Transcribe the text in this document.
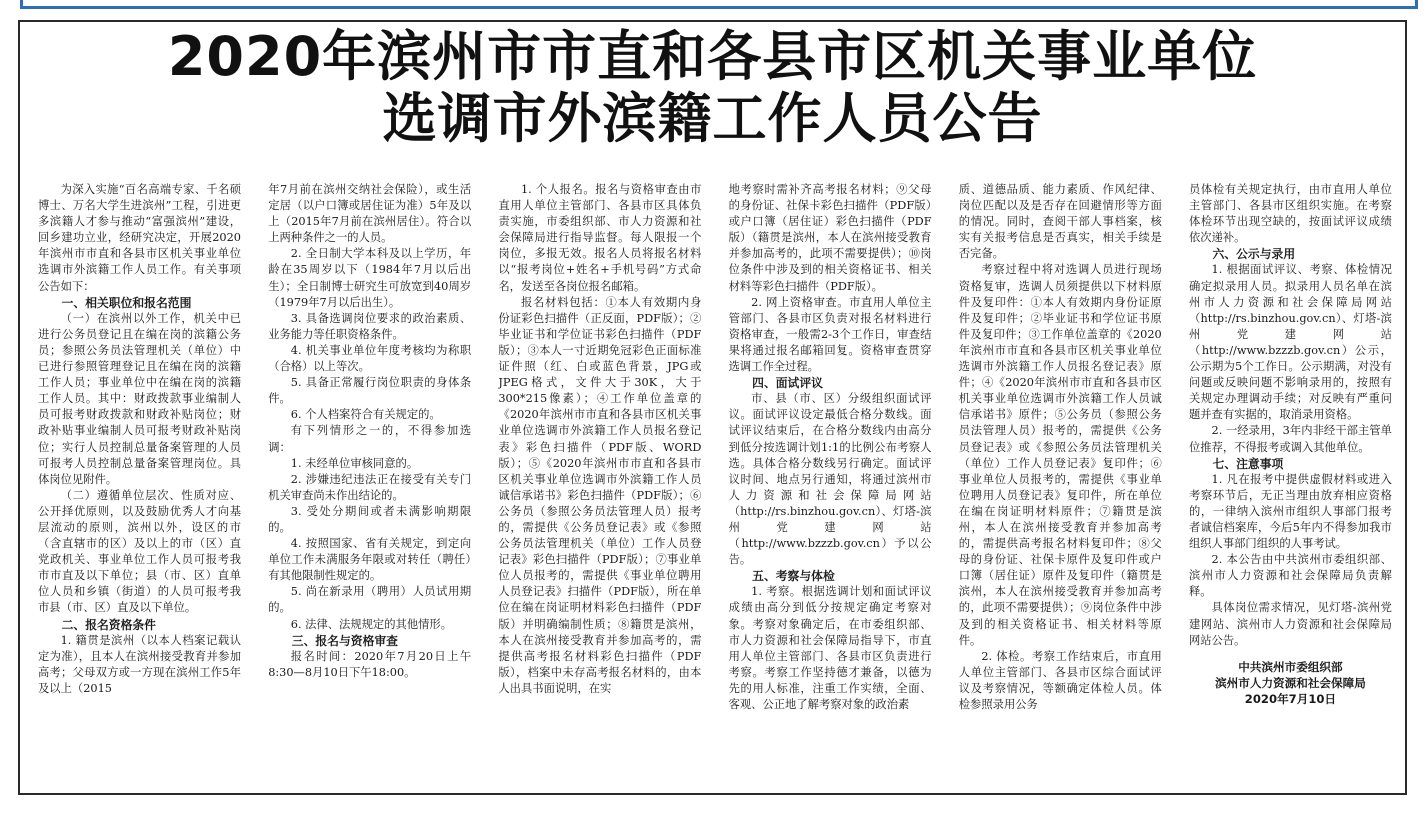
2020年滨州市市直和各县市区机关事业单位
选调市外滨籍工作人员公告

为深入实施“百名高端专家、千名硕博士、万名大学生进滨州”工程，引进更多滨籍人才参与推动“富强滨州”建设，回乡建功立业，经研究决定，开展2020年滨州市市直和各县市区机关事业单位选调市外滨籍工作人员工作。有关事项公告如下：

一、相关职位和报名范围

（一）在滨州以外工作，机关中已进行公务员登记且在编在岗的滨籍公务员；参照公务员法管理机关（单位）中已进行参照管理登记且在编在岗的滨籍工作人员；事业单位中在编在岗的滨籍工作人员。其中：财政拨款事业编制人员可报考财政拨款和财政补贴岗位；财政补贴事业编制人员可报考财政补贴岗位；实行人员控制总量备案管理的人员可报考人员控制总量备案管理岗位。具体岗位见附件。

（二）遵循单位层次、性质对应、公开择优原则，以及鼓励优秀人才向基层流动的原则，滨州以外，设区的市（含直辖市的区）及以上的市（区）直党政机关、事业单位工作人员可报考我市市直及以下单位；县（市、区）直单位人员和乡镇（街道）的人员可报考我市县（市、区）直及以下单位。

二、报名资格条件

1. 籍贯是滨州（以本人档案记载认定为准），且本人在滨州接受教育并参加高考；父母双方或一方现在滨州工作5年及以上（2015

年7月前在滨州交纳社会保险），或生活定居（以户口簿或居住证为准）5年及以上（2015年7月前在滨州居住）。符合以上两种条件之一的人员。

2. 全日制大学本科及以上学历，年龄在35周岁以下（1984年7月以后出生）；全日制博士研究生可放宽到40周岁（1979年7月以后出生）。

3. 具备选调岗位要求的政治素质、业务能力等任职资格条件。

4. 机关事业单位年度考核均为称职（合格）以上等次。

5. 具备正常履行岗位职责的身体条件。

6. 个人档案符合有关规定的。

有下列情形之一的，不得参加选调：

1. 未经单位审核同意的。

2. 涉嫌违纪违法正在接受有关专门机关审查尚未作出结论的。

3. 受处分期间或者未满影响期限的。

4. 按照国家、省有关规定，到定向单位工作未满服务年限或对转任（聘任）有其他限制性规定的。

5. 尚在新录用（聘用）人员试用期的。

6. 法律、法规规定的其他情形。

三、报名与资格审查

报名时间：2020年7月20日上午8:30—8月10日下午18:00。

1. 个人报名。报名与资格审查由市直用人单位主管部门、各县市区具体负责实施，市委组织部、市人力资源和社会保障局进行指导监督。每人限报一个岗位，多报无效。报名人员将报名材料以“报考岗位+姓名+手机号码”方式命名，发送至各岗位报名邮箱。

报名材料包括：①本人有效期内身份证彩色扫描件（正反面，PDF版）；②毕业证书和学位证书彩色扫描件（PDF版）；③本人一寸近期免冠彩色正面标准证件照（红、白或蓝色背景，JPG或JPEG格式，文件大于30K，大于300*215像素）；④工作单位盖章的《2020年滨州市市直和各县市区机关事业单位选调市外滨籍工作人员报名登记表》彩色扫描件（PDF版、WORD版）；⑤《2020年滨州市市直和各县市区机关事业单位选调市外滨籍工作人员诚信承诺书》彩色扫描件（PDF版）；⑥公务员（参照公务员法管理人员）报考的，需提供《公务员登记表》或《参照公务员法管理机关（单位）工作人员登记表》彩色扫描件（PDF版）；⑦事业单位人员报考的，需提供《事业单位聘用人员登记表》扫描件（PDF版），所在单位在编在岗证明材料彩色扫描件（PDF版）并明确编制性质；⑧籍贯是滨州，本人在滨州接受教育并参加高考的，需提供高考报名材料彩色扫描件（PDF版），档案中未存高考报名材料的，由本人出具书面说明，在实

地考察时需补齐高考报名材料；⑨父母的身份证、社保卡彩色扫描件（PDF版）或户口簿（居住证）彩色扫描件（PDF版）（籍贯是滨州，本人在滨州接受教育并参加高考的，此项不需要提供）；⑩岗位条件中涉及到的相关资格证书、相关材料等彩色扫描件（PDF版）。

2. 网上资格审查。市直用人单位主管部门、各县市区负责对报名材料进行资格审查，一般需2-3个工作日，审查结果将通过报名邮箱回复。资格审查贯穿选调工作全过程。

四、面试评议

市、县（市、区）分级组织面试评议。面试评议设定最低合格分数线。面试评议结束后，在合格分数线内由高分到低分按选调计划1:1的比例公布考察人选。具体合格分数线另行确定。面试评议时间、地点另行通知，将通过滨州市人力资源和社会保障局网站（http://rs.binzhou.gov.cn）、灯塔-滨州党建网站（http://www.bzzzb.gov.cn）予以公告。

五、考察与体检

1. 考察。根据选调计划和面试评议成绩由高分到低分按规定确定考察对象。考察对象确定后，在市委组织部、市人力资源和社会保障局指导下，市直用人单位主管部门、各县市区负责进行考察。考察工作坚持德才兼备，以德为先的用人标准，注重工作实绩，全面、客观、公正地了解考察对象的政治素

质、道德品质、能力素质、作风纪律、岗位匹配以及是否存在回避情形等方面的情况。同时，查阅干部人事档案，核实有关报考信息是否真实，相关手续是否完备。

考察过程中将对选调人员进行现场资格复审，选调人员须提供以下材料原件及复印件：①本人有效期内身份证原件及复印件；②毕业证书和学位证书原件及复印件；③工作单位盖章的《2020年滨州市市直和各县市区机关事业单位选调市外滨籍工作人员报名登记表》原件；④《2020年滨州市市直和各县市区机关事业单位选调市外滨籍工作人员诚信承诺书》原件；⑤公务员（参照公务员法管理人员）报考的，需提供《公务员登记表》或《参照公务员法管理机关（单位）工作人员登记表》复印件；⑥事业单位人员报考的，需提供《事业单位聘用人员登记表》复印件，所在单位在编在岗证明材料原件；⑦籍贯是滨州，本人在滨州接受教育并参加高考的，需提供高考报名材料复印件；⑧父母的身份证、社保卡原件及复印件或户口簿（居住证）原件及复印件（籍贯是滨州，本人在滨州接受教育并参加高考的，此项不需要提供）；⑨岗位条件中涉及到的相关资格证书、相关材料等原件。

2. 体检。考察工作结束后，市直用人单位主管部门、各县市区综合面试评议及考察情况，等额确定体检人员。体检参照录用公务

员体检有关规定执行，由市直用人单位主管部门、各县市区组织实施。在考察体检环节出现空缺的，按面试评议成绩依次递补。

六、公示与录用

1. 根据面试评议、考察、体检情况确定拟录用人员。拟录用人员名单在滨州市人力资源和社会保障局网站（http://rs.binzhou.gov.cn）、灯塔-滨州党建网站（http://www.bzzzb.gov.cn）公示，公示期为5个工作日。公示期满，对没有问题或反映问题不影响录用的，按照有关规定办理调动手续；对反映有严重问题并查有实据的，取消录用资格。

2. 一经录用，3年内非经干部主管单位推荐，不得报考或调入其他单位。

七、注意事项

1. 凡在报考中提供虚假材料或进入考察环节后，无正当理由放弃相应资格的，一律纳入滨州市组织人事部门报考者诚信档案库，今后5年内不得参加我市组织人事部门组织的人事考试。

2. 本公告由中共滨州市委组织部、滨州市人力资源和社会保障局负责解释。

具体岗位需求情况，见灯塔-滨州党建网站、滨州市人力资源和社会保障局网站公告。

中共滨州市委组织部
滨州市人力资源和社会保障局
2020年7月10日
